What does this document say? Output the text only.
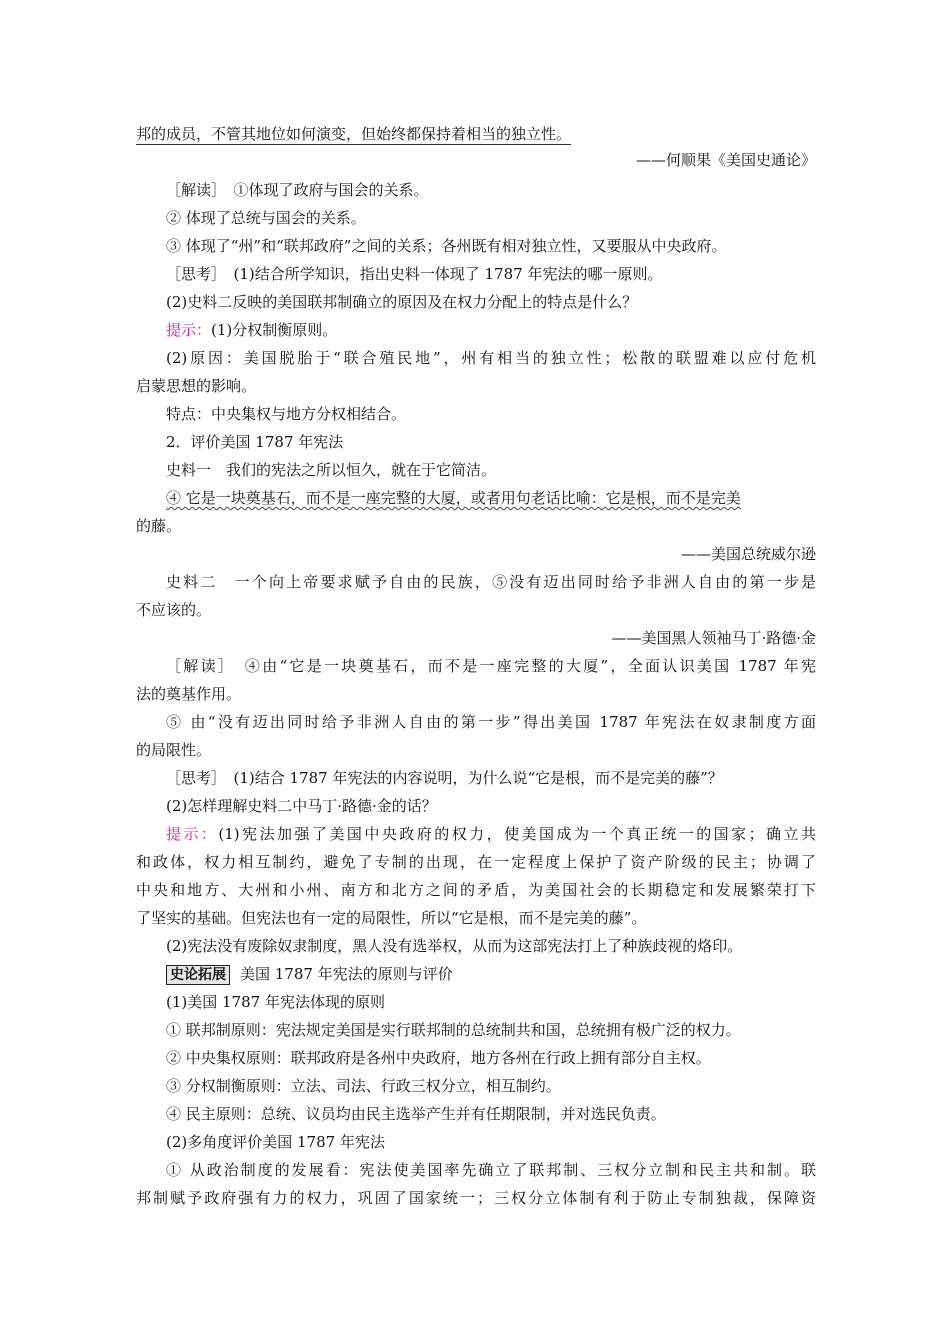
邦的成员，不管其地位如何演变，但始终都保持着相当的独立性。
——何顺果《美国史通论》
［解读］　①体现了政府与国会的关系。
② 体现了总统与国会的关系。
③ 体现了“州”和“联邦政府”之间的关系；各州既有相对独立性，又要服从中央政府。
［思考］　(1)结合所学知识，指出史料一体现了 1787 年宪法的哪一原则。
(2)史料二反映的美国联邦制确立的原因及在权力分配上的特点是什么？
提示：(1)分权制衡原则。
(2)原因：美国脱胎于“联合殖民地”，州有相当的独立性；松散的联盟难以应付危机
启蒙思想的影响。
特点：中央集权与地方分权相结合。
2．评价美国 1787 年宪法
史料一　我们的宪法之所以恒久，就在于它简洁。
④ 它是一块奠基石，而不是一座完整的大厦，或者用句老话比喻：它是根，而不是完美
的藤。
——美国总统威尔逊
史料二　一个向上帝要求赋予自由的民族，⑤没有迈出同时给予非洲人自由的第一步是
不应该的。
——美国黑人领袖马丁·路德·金
［解读］　④由“它是一块奠基石，而不是一座完整的大厦”，全面认识美国 1787 年宪
法的奠基作用。
⑤ 由“没有迈出同时给予非洲人自由的第一步”得出美国 1787 年宪法在奴隶制度方面
的局限性。
［思考］　(1)结合 1787 年宪法的内容说明，为什么说“它是根，而不是完美的藤”？
(2)怎样理解史料二中马丁·路德·金的话？
提示：(1)宪法加强了美国中央政府的权力，使美国成为一个真正统一的国家；确立共
和政体，权力相互制约，避免了专制的出现，在一定程度上保护了资产阶级的民主；协调了
中央和地方、大州和小州、南方和北方之间的矛盾，为美国社会的长期稳定和发展繁荣打下
了坚实的基础。但宪法也有一定的局限性，所以“它是根，而不是完美的藤”。
(2)宪法没有废除奴隶制度，黑人没有选举权，从而为这部宪法打上了种族歧视的烙印。
史论拓展 美国 1787 年宪法的原则与评价
(1)美国 1787 年宪法体现的原则
① 联邦制原则：宪法规定美国是实行联邦制的总统制共和国，总统拥有极广泛的权力。
② 中央集权原则：联邦政府是各州中央政府，地方各州在行政上拥有部分自主权。
③ 分权制衡原则：立法、司法、行政三权分立，相互制约。
④ 民主原则：总统、议员均由民主选举产生并有任期限制，并对选民负责。
(2)多角度评价美国 1787 年宪法
① 从政治制度的发展看：宪法使美国率先确立了联邦制、三权分立制和民主共和制。联
邦制赋予政府强有力的权力，巩固了国家统一；三权分立体制有利于防止专制独裁，保障资
